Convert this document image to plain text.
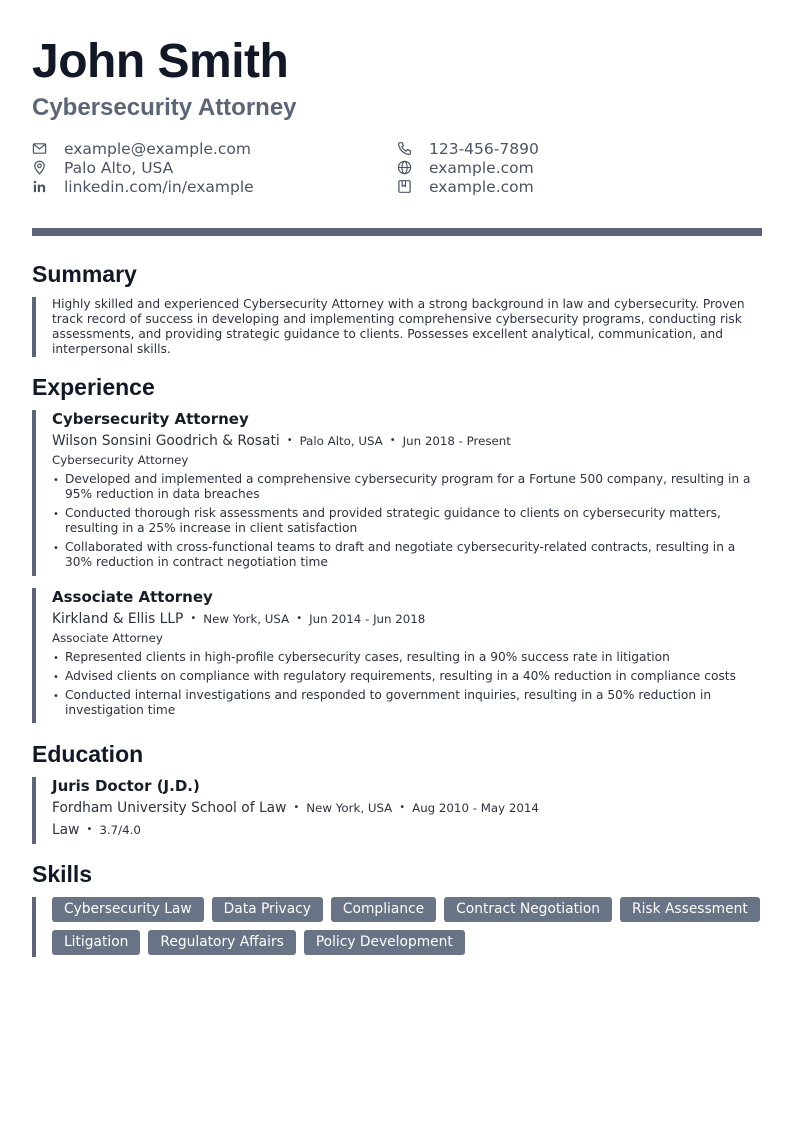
John Smith
Cybersecurity Attorney
example@example.com	123-456-7890
Palo Alto, USA	example.com
linkedin.com/in/example	example.com
Summary
Highly skilled and experienced Cybersecurity Attorney with a strong background in law and cybersecurity. Proven track record of success in developing and implementing comprehensive cybersecurity programs, conducting risk assessments, and providing strategic guidance to clients. Possesses excellent analytical, communication, and interpersonal skills.
Experience
Cybersecurity Attorney
Wilson Sonsini Goodrich & Rosati • Palo Alto, USA • Jun 2018 - Present
Cybersecurity Attorney
• Developed and implemented a comprehensive cybersecurity program for a Fortune 500 company, resulting in a 95% reduction in data breaches
• Conducted thorough risk assessments and provided strategic guidance to clients on cybersecurity matters, resulting in a 25% increase in client satisfaction
• Collaborated with cross-functional teams to draft and negotiate cybersecurity-related contracts, resulting in a 30% reduction in contract negotiation time
Associate Attorney
Kirkland & Ellis LLP • New York, USA • Jun 2014 - Jun 2018
Associate Attorney
• Represented clients in high-profile cybersecurity cases, resulting in a 90% success rate in litigation
• Advised clients on compliance with regulatory requirements, resulting in a 40% reduction in compliance costs
• Conducted internal investigations and responded to government inquiries, resulting in a 50% reduction in investigation time
Education
Juris Doctor (J.D.)
Fordham University School of Law • New York, USA • Aug 2010 - May 2014
Law • 3.7/4.0
Skills
Cybersecurity Law	Data Privacy	Compliance	Contract Negotiation	Risk Assessment
Litigation	Regulatory Affairs	Policy Development
